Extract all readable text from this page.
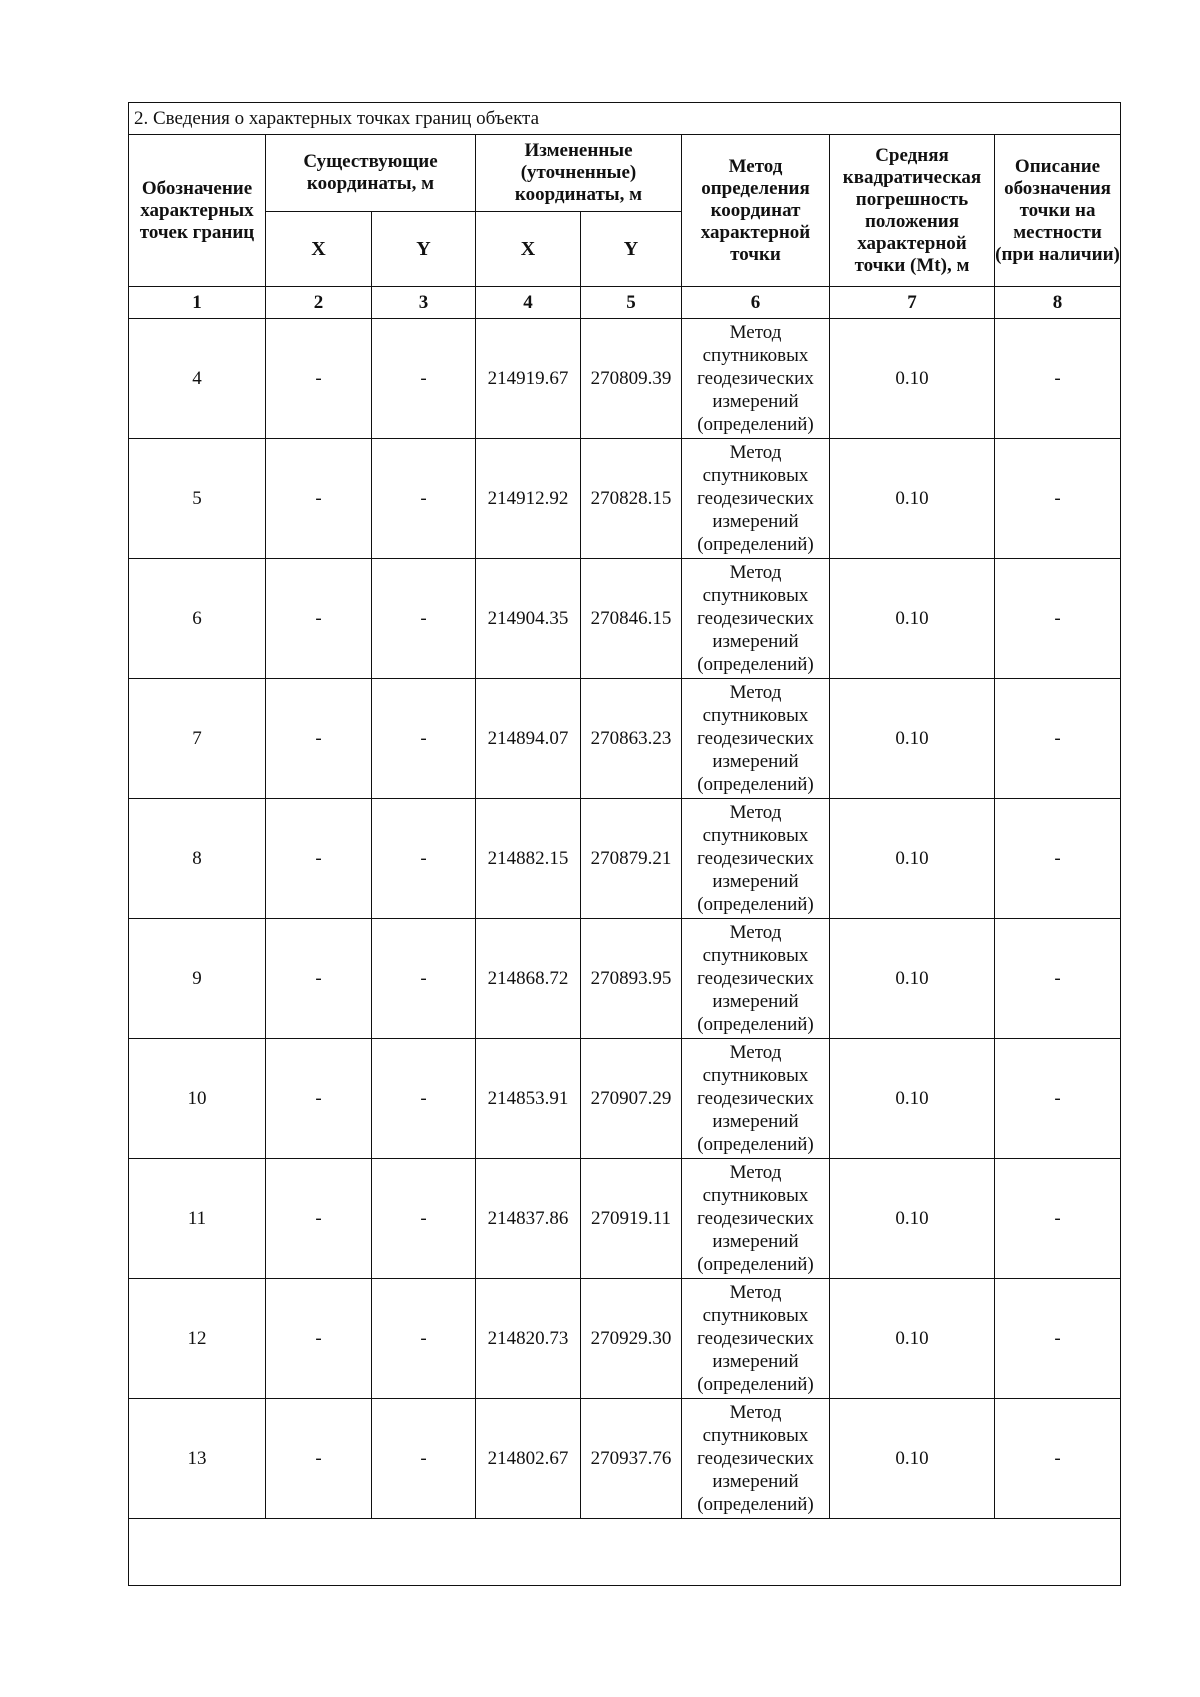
2. Сведения о характерных точках границ объекта							
Обозначение характерных точек границ	Существующие координаты, м		Измененные (уточненные) координаты, м		Метод определения координат характерной точки	Средняя квадратическая погрешность положения характерной точки (Mt), м	Описание обозначения точки на местности (при наличии)
	X	Y	X	Y			
1	2	3	4	5	6	7	8
4	-	-	214919.67	270809.39	Метод спутниковых геодезических измерений (определений)	0.10	-
5	-	-	214912.92	270828.15	Метод спутниковых геодезических измерений (определений)	0.10	-
6	-	-	214904.35	270846.15	Метод спутниковых геодезических измерений (определений)	0.10	-
7	-	-	214894.07	270863.23	Метод спутниковых геодезических измерений (определений)	0.10	-
8	-	-	214882.15	270879.21	Метод спутниковых геодезических измерений (определений)	0.10	-
9	-	-	214868.72	270893.95	Метод спутниковых геодезических измерений (определений)	0.10	-
10	-	-	214853.91	270907.29	Метод спутниковых геодезических измерений (определений)	0.10	-
11	-	-	214837.86	270919.11	Метод спутниковых геодезических измерений (определений)	0.10	-
12	-	-	214820.73	270929.30	Метод спутниковых геодезических измерений (определений)	0.10	-
13	-	-	214802.67	270937.76	Метод спутниковых геодезических измерений (определений)	0.10	-
